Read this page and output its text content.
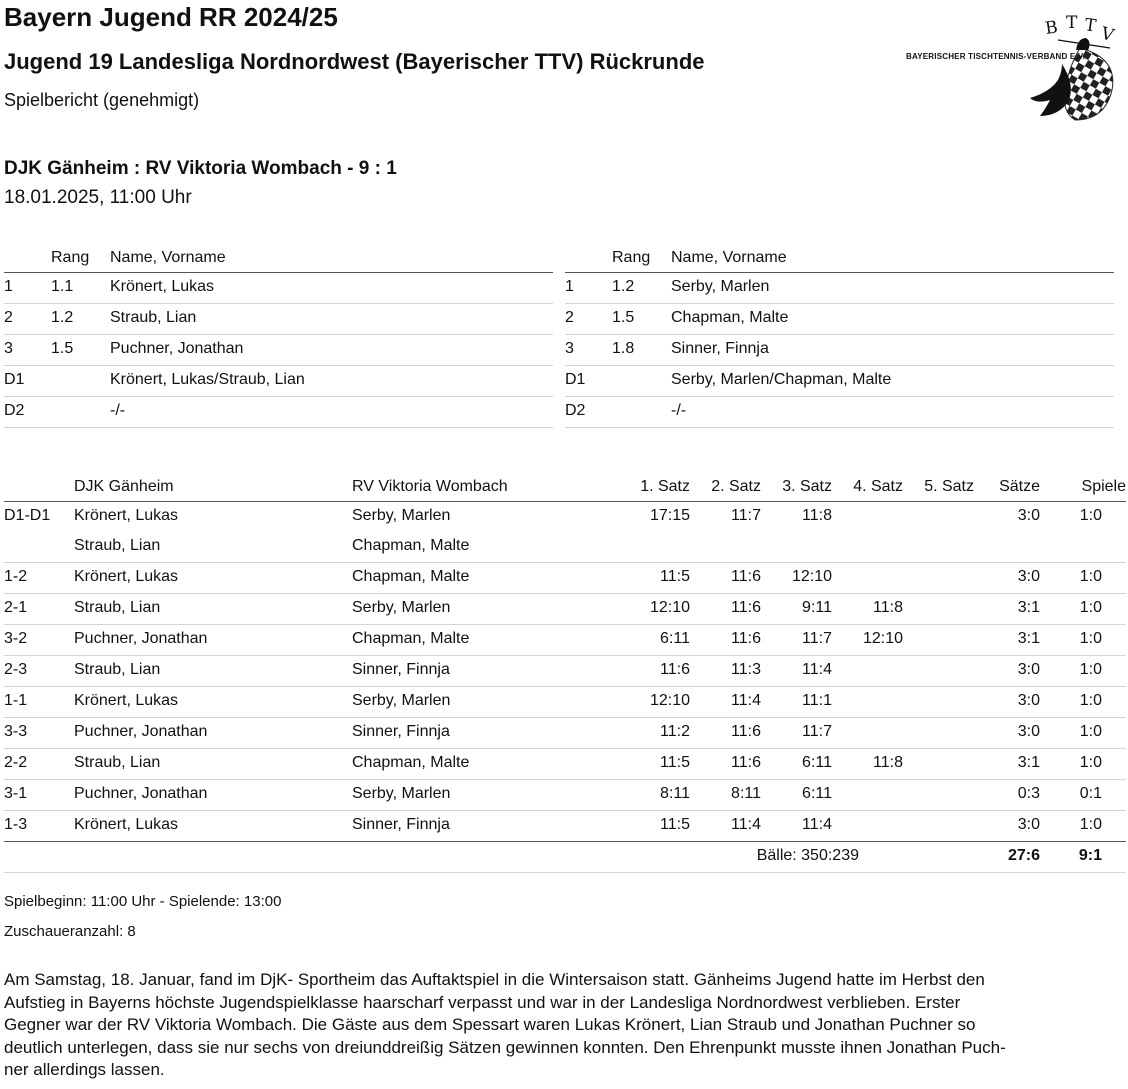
Bayern Jugend RR 2024/25
Jugend 19 Landesliga Nordnordwest (Bayerischer TTV) Rückrunde
Spielbericht (genehmigt)
B T T V
BAYERISCHER TISCHTENNIS-VERBAND E.V.
DJK Gänheim : RV Viktoria Wombach - 9 : 1
18.01.2025, 11:00 Uhr
Rang Name, Vorname
1 1.1 Krönert, Lukas
2 1.2 Straub, Lian
3 1.5 Puchner, Jonathan
D1	Krönert, Lukas/Straub, Lian
D2	-/-
Rang Name, Vorname
1 1.2 Serby, Marlen
2 1.5 Chapman, Malte
3 1.8 Sinner, Finnja
D1	Serby, Marlen/Chapman, Malte
D2	-/-
DJK Gänheim	RV Viktoria Wombach	1. Satz 2. Satz 3. Satz 4. Satz 5. Satz Sätze	Spiele
D1-D1 Krönert, Lukas	Serby, Marlen	17:15	11:7	11:8	3:0 1:0
Straub, Lian	Chapman, Malte
1-2	Krönert, Lukas	Chapman, Malte	11:5	11:6 12:10	3:0 1:0
2-1	Straub, Lian	Serby, Marlen	12:10	11:6	9:11	11:8	3:1 1:0
3-2	Puchner, Jonathan	Chapman, Malte	6:11	11:6	11:7 12:10	3:1 1:0
2-3	Straub, Lian	Sinner, Finnja	11:6	11:3	11:4	3:0 1:0
1-1	Krönert, Lukas	Serby, Marlen	12:10	11:4	11:1	3:0 1:0
3-3	Puchner, Jonathan	Sinner, Finnja	11:2	11:6	11:7	3:0 1:0
2-2	Straub, Lian	Chapman, Malte	11:5	11:6	6:11	11:8	3:1 1:0
3-1	Puchner, Jonathan	Serby, Marlen	8:11	8:11	6:11	0:3 0:1
1-3	Krönert, Lukas	Sinner, Finnja	11:5	11:4	11:4	3:0 1:0
Bälle: 350:239	27:6 9:1
Spielbeginn: 11:00 Uhr - Spielende: 13:00
Zuschaueranzahl: 8
Am Samstag, 18. Januar, fand im DjK- Sportheim das Auftaktspiel in die Wintersaison statt. Gänheims Jugend hatte im Herbst den
Aufstieg in Bayerns höchste Jugendspielklasse haarscharf verpasst und war in der Landesliga Nordnordwest verblieben. Erster
Gegner war der RV Viktoria Wombach. Die Gäste aus dem Spessart waren Lukas Krönert, Lian Straub und Jonathan Puchner so
deutlich unterlegen, dass sie nur sechs von dreiunddreißig Sätzen gewinnen konnten. Den Ehrenpunkt musste ihnen Jonathan Puch-
ner allerdings lassen.
